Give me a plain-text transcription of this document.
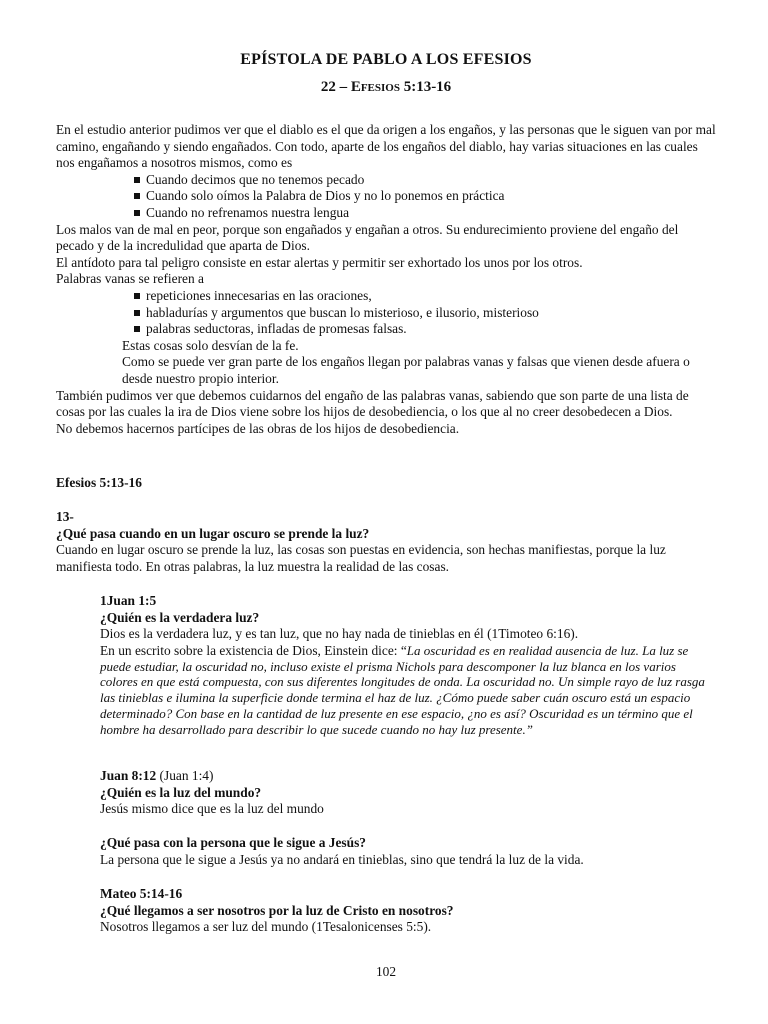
EPÍSTOLA DE PABLO A LOS EFESIOS
22 – Efesios 5:13-16

En el estudio anterior pudimos ver que el diablo es el que da origen a los engaños, y las personas que le siguen van por mal camino, engañando y siendo engañados. Con todo, aparte de los engaños del diablo, hay varias situaciones en las cuales nos engañamos a nosotros mismos, como es

Cuando decimos que no tenemos pecado
Cuando solo oímos la Palabra de Dios y no lo ponemos en práctica
Cuando no refrenamos nuestra lengua

Los malos van de mal en peor, porque son engañados y engañan a otros. Su endurecimiento proviene del engaño del pecado y de la incredulidad que aparta de Dios.

El antídoto para tal peligro consiste en estar alertas y permitir ser exhortado los unos por los otros.

Palabras vanas se refieren a

repeticiones innecesarias en las oraciones,
habladurías y argumentos que buscan lo misterioso, e ilusorio, misterioso
palabras seductoras, infladas de promesas falsas.

Estas cosas solo desvían de la fe.

Como se puede ver gran parte de los engaños llegan por palabras vanas y falsas que vienen desde afuera o desde nuestro propio interior.

También pudimos ver que debemos cuidarnos del engaño de las palabras vanas, sabiendo que son parte de una lista de cosas por las cuales la ira de Dios viene sobre los hijos de desobediencia, o los que al no creer desobedecen a Dios.

No debemos hacernos partícipes de las obras de los hijos de desobediencia.

Efesios 5:13-16

13-

¿Qué pasa cuando en un lugar oscuro se prende la luz?

Cuando en lugar oscuro se prende la luz, las cosas son puestas en evidencia, son hechas manifiestas, porque la luz manifiesta todo. En otras palabras, la luz muestra la realidad de las cosas.

1Juan 1:5

¿Quién es la verdadera luz?

Dios es la verdadera luz, y es tan luz, que no hay nada de tinieblas en él (1Timoteo 6:16).

En un escrito sobre la existencia de Dios, Einstein dice: “La oscuridad es en realidad ausencia de luz. La luz se puede estudiar, la oscuridad no, incluso existe el prisma Nichols para descomponer la luz blanca en los varios colores en que está compuesta, con sus diferentes longitudes de onda. La oscuridad no. Un simple rayo de luz rasga las tinieblas e ilumina la superficie donde termina el haz de luz. ¿Cómo puede saber cuán oscuro está un espacio determinado? Con base en la cantidad de luz presente en ese espacio, ¿no es así? Oscuridad es un término que el hombre ha desarrollado para describir lo que sucede cuando no hay luz presente.”

Juan 8:12 (Juan 1:4)

¿Quién es la luz del mundo?

Jesús mismo dice que es la luz del mundo

¿Qué pasa con la persona que le sigue a Jesús?

La persona que le sigue a Jesús ya no andará en tinieblas, sino que tendrá la luz de la vida.

Mateo 5:14-16

¿Qué llegamos a ser nosotros por la luz de Cristo en nosotros?

Nosotros llegamos a ser luz del mundo (1Tesalonicenses 5:5).

102
